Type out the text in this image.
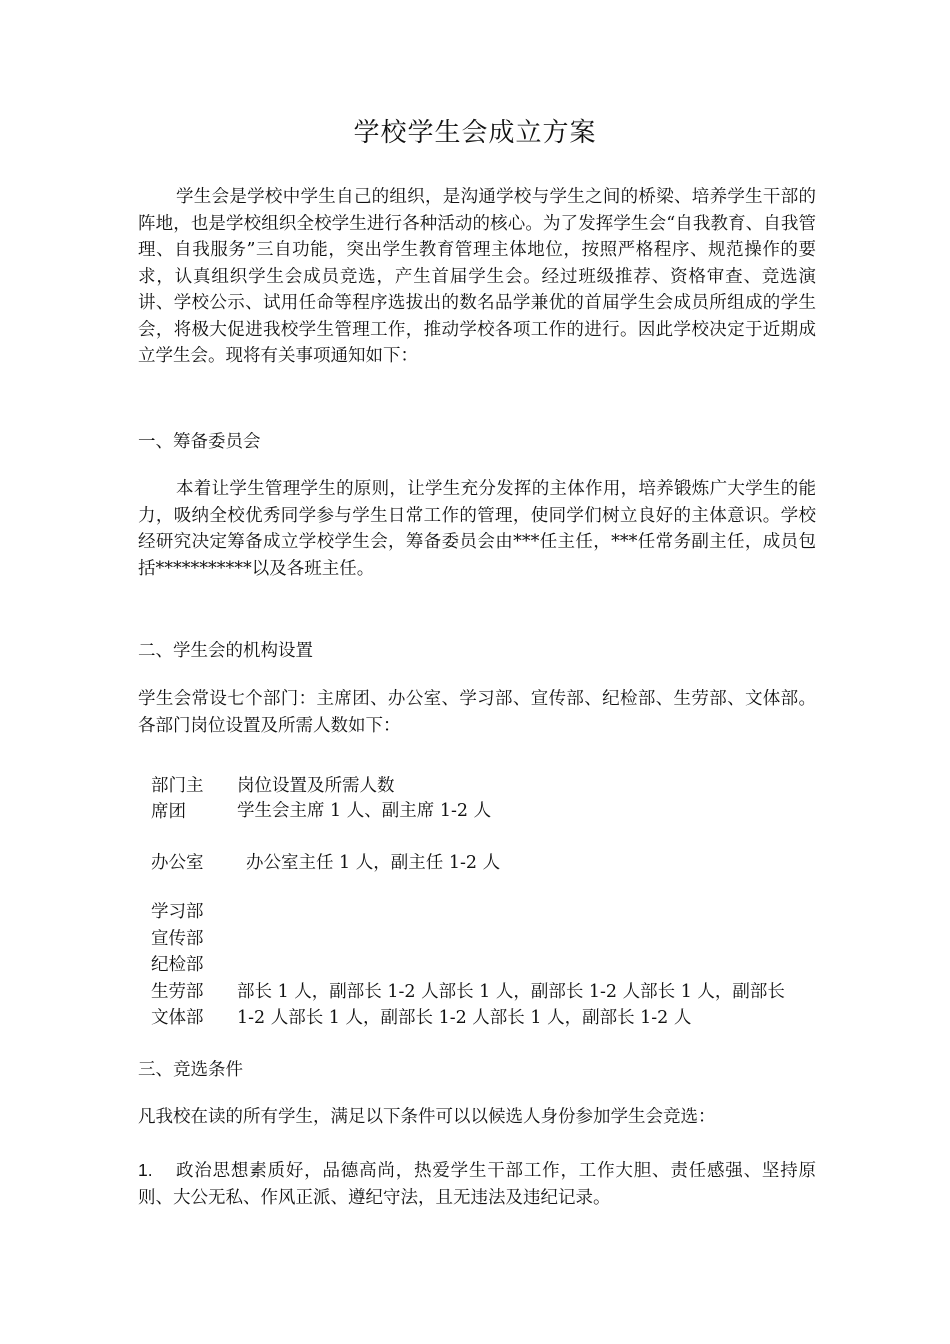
学校学生会成立方案

学生会是学校中学生自己的组织，是沟通学校与学生之间的桥梁、培养学生干部的阵地，也是学校组织全校学生进行各种活动的核心。为了发挥学生会“自我教育、自我管理、自我服务”三自功能，突出学生教育管理主体地位，按照严格程序、规范操作的要求，认真组织学生会成员竞选，产生首届学生会。经过班级推荐、资格审查、竞选演讲、学校公示、试用任命等程序选拔出的数名品学兼优的首届学生会成员所组成的学生会，将极大促进我校学生管理工作，推动学校各项工作的进行。因此学校决定于近期成立学生会。现将有关事项通知如下：

一、筹备委员会

本着让学生管理学生的原则，让学生充分发挥的主体作用，培养锻炼广大学生的能力，吸纳全校优秀同学参与学生日常工作的管理，使同学们树立良好的主体意识。学校经研究决定筹备成立学校学生会，筹备委员会由***任主任，***任常务副主任，成员包括***********以及各班主任。

二、学生会的机构设置

学生会常设七个部门：主席团、办公室、学习部、宣传部、纪检部、生劳部、文体部。各部门岗位设置及所需人数如下：

部门主
席团
岗位设置及所需人数
学生会主席 1 人、副主席 1-2 人
办公室 办公室主任 1 人，副主任 1-2 人
学习部
宣传部
纪检部
生劳部
文体部
部长 1 人，副部长 1-2 人部长 1 人，副部长 1-2 人部长 1 人，副部长
1-2 人部长 1 人，副部长 1-2 人部长 1 人，副部长 1-2 人
三、竞选条件

凡我校在读的所有学生，满足以下条件可以以候选人身份参加学生会竞选：

1.	政治思想素质好，品德高尚，热爱学生干部工作，工作大胆、责任感强、坚持原则、大公无私、作风正派、遵纪守法，且无违法及违纪记录。
